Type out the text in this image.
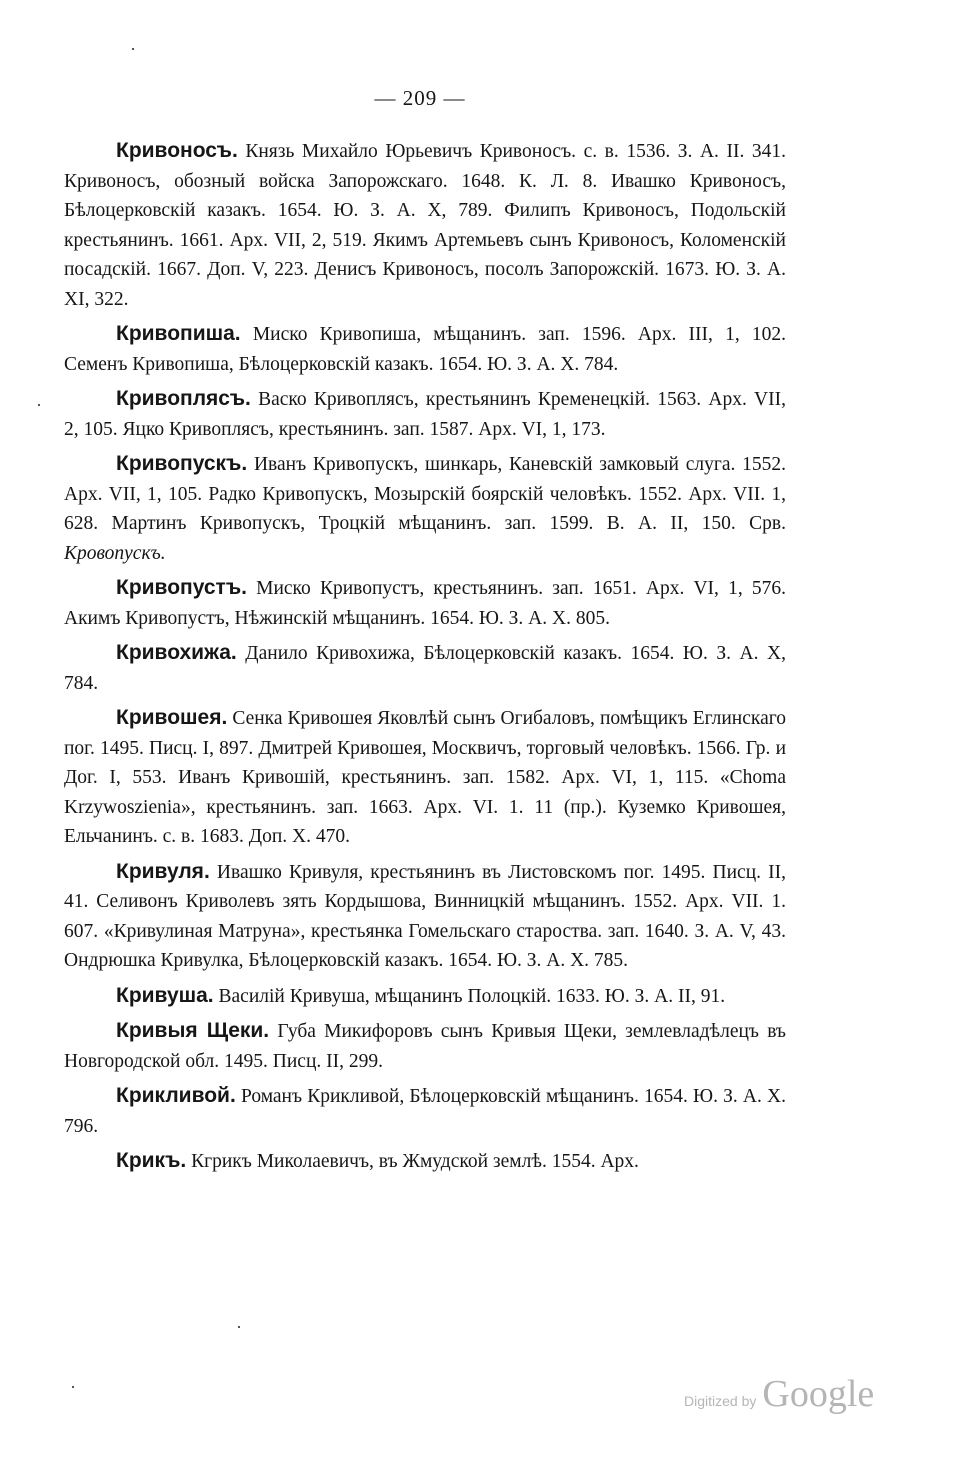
— 209 —

Кривоносъ. Князь Михайло Юрьевичъ Кривоносъ. с. в. 1536. З. А. II. 341. Кривоносъ, обозный войска Запорожскаго. 1648. К. Л. 8. Ивашко Кривоносъ, Бѣлоцерковскій казакъ. 1654. Ю. З. А. X, 789. Филипъ Кривоносъ, Подольскій крестьянинъ. 1661. Арх. VII, 2, 519. Якимъ Артемьевъ сынъ Кривоносъ, Коломенскій посадскій. 1667. Доп. V, 223. Денисъ Кривоносъ, посолъ Запорожскій. 1673. Ю. З. А. XI, 322.

Кривопиша. Миско Кривопиша, мѣщанинъ. зап. 1596. Арх. III, 1, 102. Семенъ Кривопиша, Бѣлоцерковскій казакъ. 1654. Ю. З. А. X. 784.

Кривоплясъ. Васко Кривоплясъ, крестьянинъ Кременецкій. 1563. Арх. VII, 2, 105. Яцко Кривоплясъ, крестьянинъ. зап. 1587. Арх. VI, 1, 173.

Кривопускъ. Иванъ Кривопускъ, шинкарь, Каневскій замковый слуга. 1552. Арх. VII, 1, 105. Радко Кривопускъ, Мозырскій боярскій человѣкъ. 1552. Арх. VII. 1, 628. Мартинъ Кривопускъ, Троцкій мѣщанинъ. зап. 1599. В. А. II, 150. Срв. Кровопускъ.

Кривопустъ. Миско Кривопустъ, крестьянинъ. зап. 1651. Арх. VI, 1, 576. Акимъ Кривопустъ, Нѣжинскій мѣщанинъ. 1654. Ю. З. А. X. 805.

Кривохижа. Данило Кривохижа, Бѣлоцерковскій казакъ. 1654. Ю. З. А. X, 784.

Кривошея. Сенка Кривошея Яковлѣй сынъ Огибаловъ, помѣщикъ Еглинскаго пог. 1495. Писц. I, 897. Дмитрей Кривошея, Москвичъ, торговый человѣкъ. 1566. Гр. и Дог. I, 553. Иванъ Кривошій, крестьянинъ. зап. 1582. Арх. VI, 1, 115. «Choma Krzywoszienia», крестьянинъ. зап. 1663. Арх. VI. 1. 11 (пр.). Куземко Кривошея, Ельчанинъ. с. в. 1683. Доп. X. 470.

Кривуля. Ивашко Кривуля, крестьянинъ въ Листовскомъ пог. 1495. Писц. II, 41. Селивонъ Криволевъ зять Кордышова, Винницкій мѣщанинъ. 1552. Арх. VII. 1. 607. «Кривулиная Матруна», крестьянка Гомельскаго староства. зап. 1640. З. А. V, 43. Ондрюшка Кривулка, Бѣлоцерковскій казакъ. 1654. Ю. З. А. X. 785.

Кривуша. Василій Кривуша, мѣщанинъ Полоцкій. 1633. Ю. З. А. II, 91.

Кривыя Щеки. Губа Микифоровъ сынъ Кривыя Щеки, землевладѣлецъ въ Новгородской обл. 1495. Писц. II, 299.

Крикливой. Романъ Крикливой, Бѣлоцерковскій мѣщанинъ. 1654. Ю. З. А. X. 796.

Крикъ. Кгрикъ Миколаевичъ, въ Жмудской землѣ. 1554. Арх.

Digitized by Google
